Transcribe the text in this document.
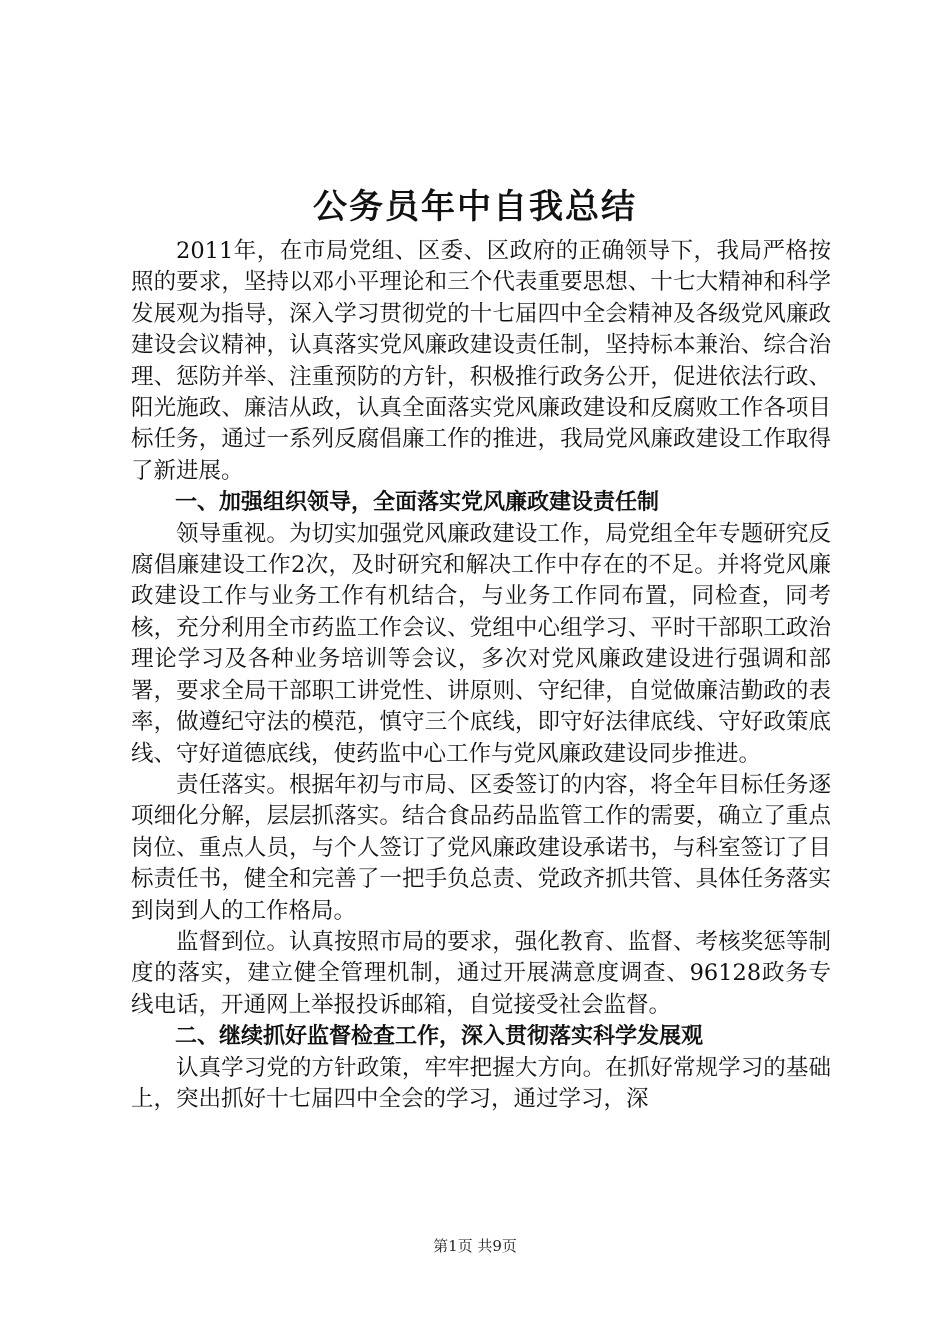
公务员年中自我总结

2011年，在市局党组、区委、区政府的正确领导下，我局严格按照的要求，坚持以邓小平理论和三个代表重要思想、十七大精神和科学发展观为指导，深入学习贯彻党的十七届四中全会精神及各级党风廉政建设会议精神，认真落实党风廉政建设责任制，坚持标本兼治、综合治理、惩防并举、注重预防的方针，积极推行政务公开，促进依法行政、阳光施政、廉洁从政，认真全面落实党风廉政建设和反腐败工作各项目标任务，通过一系列反腐倡廉工作的推进，我局党风廉政建设工作取得了新进展。

一、加强组织领导，全面落实党风廉政建设责任制

领导重视。为切实加强党风廉政建设工作，局党组全年专题研究反腐倡廉建设工作2次，及时研究和解决工作中存在的不足。并将党风廉政建设工作与业务工作有机结合，与业务工作同布置，同检查，同考核，充分利用全市药监工作会议、党组中心组学习、平时干部职工政治理论学习及各种业务培训等会议，多次对党风廉政建设进行强调和部署，要求全局干部职工讲党性、讲原则、守纪律，自觉做廉洁勤政的表率，做遵纪守法的模范，慎守三个底线，即守好法律底线、守好政策底线、守好道德底线，使药监中心工作与党风廉政建设同步推进。

责任落实。根据年初与市局、区委签订的内容，将全年目标任务逐项细化分解，层层抓落实。结合食品药品监管工作的需要，确立了重点岗位、重点人员，与个人签订了党风廉政建设承诺书，与科室签订了目标责任书，健全和完善了一把手负总责、党政齐抓共管、具体任务落实到岗到人的工作格局。

监督到位。认真按照市局的要求，强化教育、监督、考核奖惩等制度的落实，建立健全管理机制，通过开展满意度调查、96128政务专线电话，开通网上举报投诉邮箱，自觉接受社会监督。

二、继续抓好监督检查工作，深入贯彻落实科学发展观

认真学习党的方针政策，牢牢把握大方向。在抓好常规学习的基础上，突出抓好十七届四中全会的学习，通过学习，深

第1页 共9页
